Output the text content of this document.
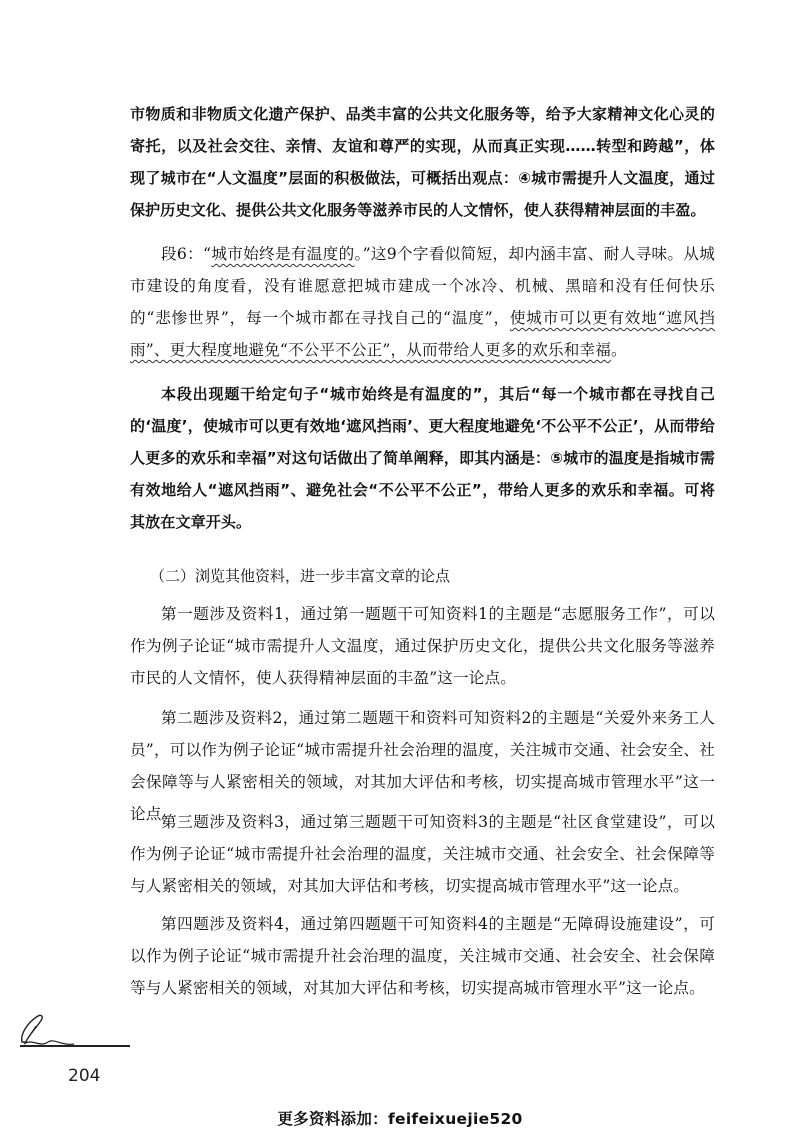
市物质和非物质文化遗产保护、品类丰富的公共文化服务等，给予大家精神文化心灵的寄托，以及社会交往、亲情、友谊和尊严的实现，从而真正实现……转型和跨越”，体现了城市在“人文温度”层面的积极做法，可概括出观点：④城市需提升人文温度，通过保护历史文化、提供公共文化服务等滋养市民的人文情怀，使人获得精神层面的丰盈。

段6：“城市始终是有温度的。”这9个字看似简短，却内涵丰富、耐人寻味。从城市建设的角度看，没有谁愿意把城市建成一个冰冷、机械、黑暗和没有任何快乐的“悲惨世界”，每一个城市都在寻找自己的“温度”，使城市可以更有效地“遮风挡雨”、更大程度地避免“不公平不公正”，从而带给人更多的欢乐和幸福。

本段出现题干给定句子“城市始终是有温度的”，其后“每一个城市都在寻找自己的‘温度’，使城市可以更有效地‘遮风挡雨’、更大程度地避免‘不公平不公正’，从而带给人更多的欢乐和幸福”对这句话做出了简单阐释，即其内涵是：⑤城市的温度是指城市需有效地给人“遮风挡雨”、避免社会“不公平不公正”，带给人更多的欢乐和幸福。可将其放在文章开头。

（二）浏览其他资料，进一步丰富文章的论点

第一题涉及资料1，通过第一题题干可知资料1的主题是“志愿服务工作”，可以作为例子论证“城市需提升人文温度，通过保护历史文化，提供公共文化服务等滋养市民的人文情怀，使人获得精神层面的丰盈”这一论点。

第二题涉及资料2，通过第二题题干和资料可知资料2的主题是“关爱外来务工人员”，可以作为例子论证“城市需提升社会治理的温度，关注城市交通、社会安全、社会保障等与人紧密相关的领域，对其加大评估和考核，切实提高城市管理水平”这一论点。

第三题涉及资料3，通过第三题题干可知资料3的主题是“社区食堂建设”，可以作为例子论证“城市需提升社会治理的温度，关注城市交通、社会安全、社会保障等与人紧密相关的领域，对其加大评估和考核，切实提高城市管理水平”这一论点。

第四题涉及资料4，通过第四题题干可知资料4的主题是“无障碍设施建设”，可以作为例子论证“城市需提升社会治理的温度，关注城市交通、社会安全、社会保障等与人紧密相关的领域，对其加大评估和考核，切实提高城市管理水平”这一论点。

204
更多资料添加：feifeixuejie520
